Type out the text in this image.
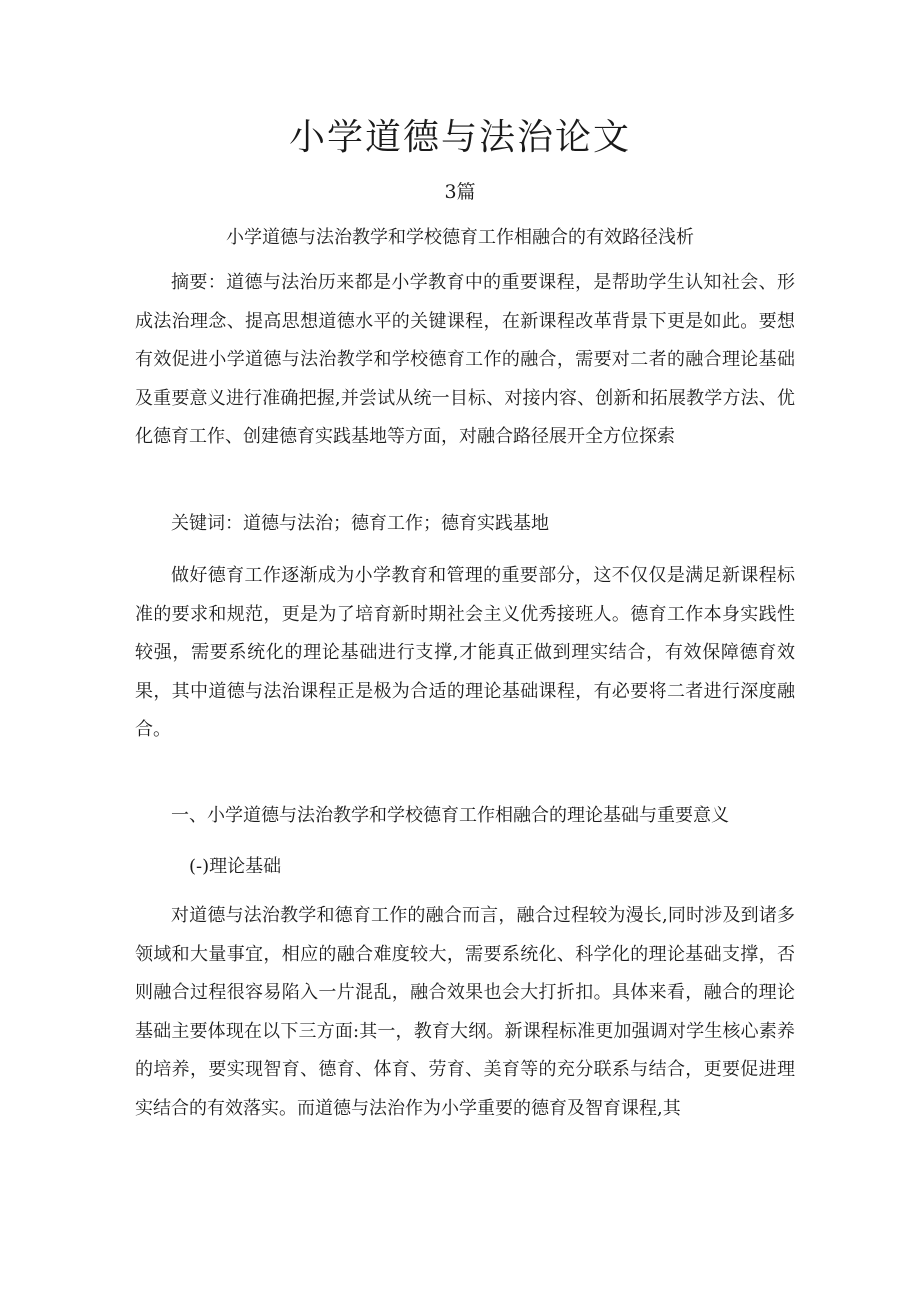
小学道德与法治论文

3篇

小学道德与法治教学和学校德育工作相融合的有效路径浅析

摘要：道德与法治历来都是小学教育中的重要课程，是帮助学生认知社会、形成法治理念、提高思想道德水平的关键课程，在新课程改革背景下更是如此。要想有效促进小学道德与法治教学和学校德育工作的融合，需要对二者的融合理论基础及重要意义进行准确把握,并尝试从统一目标、对接内容、创新和拓展教学方法、优化德育工作、创建德育实践基地等方面，对融合路径展开全方位探索

关键词：道德与法治；德育工作；德育实践基地

做好德育工作逐渐成为小学教育和管理的重要部分，这不仅仅是满足新课程标准的要求和规范，更是为了培育新时期社会主义优秀接班人。德育工作本身实践性较强，需要系统化的理论基础进行支撑,才能真正做到理实结合，有效保障德育效果，其中道德与法治课程正是极为合适的理论基础课程，有必要将二者进行深度融合。

一、小学道德与法治教学和学校德育工作相融合的理论基础与重要意义

(-)理论基础

对道德与法治教学和德育工作的融合而言，融合过程较为漫长,同时涉及到诸多领域和大量事宜，相应的融合难度较大，需要系统化、科学化的理论基础支撑，否则融合过程很容易陷入一片混乱，融合效果也会大打折扣。具体来看，融合的理论基础主要体现在以下三方面:其一，教育大纲。新课程标准更加强调对学生核心素养的培养，要实现智育、德育、体育、劳育、美育等的充分联系与结合，更要促进理实结合的有效落实。而道德与法治作为小学重要的德育及智育课程,其
